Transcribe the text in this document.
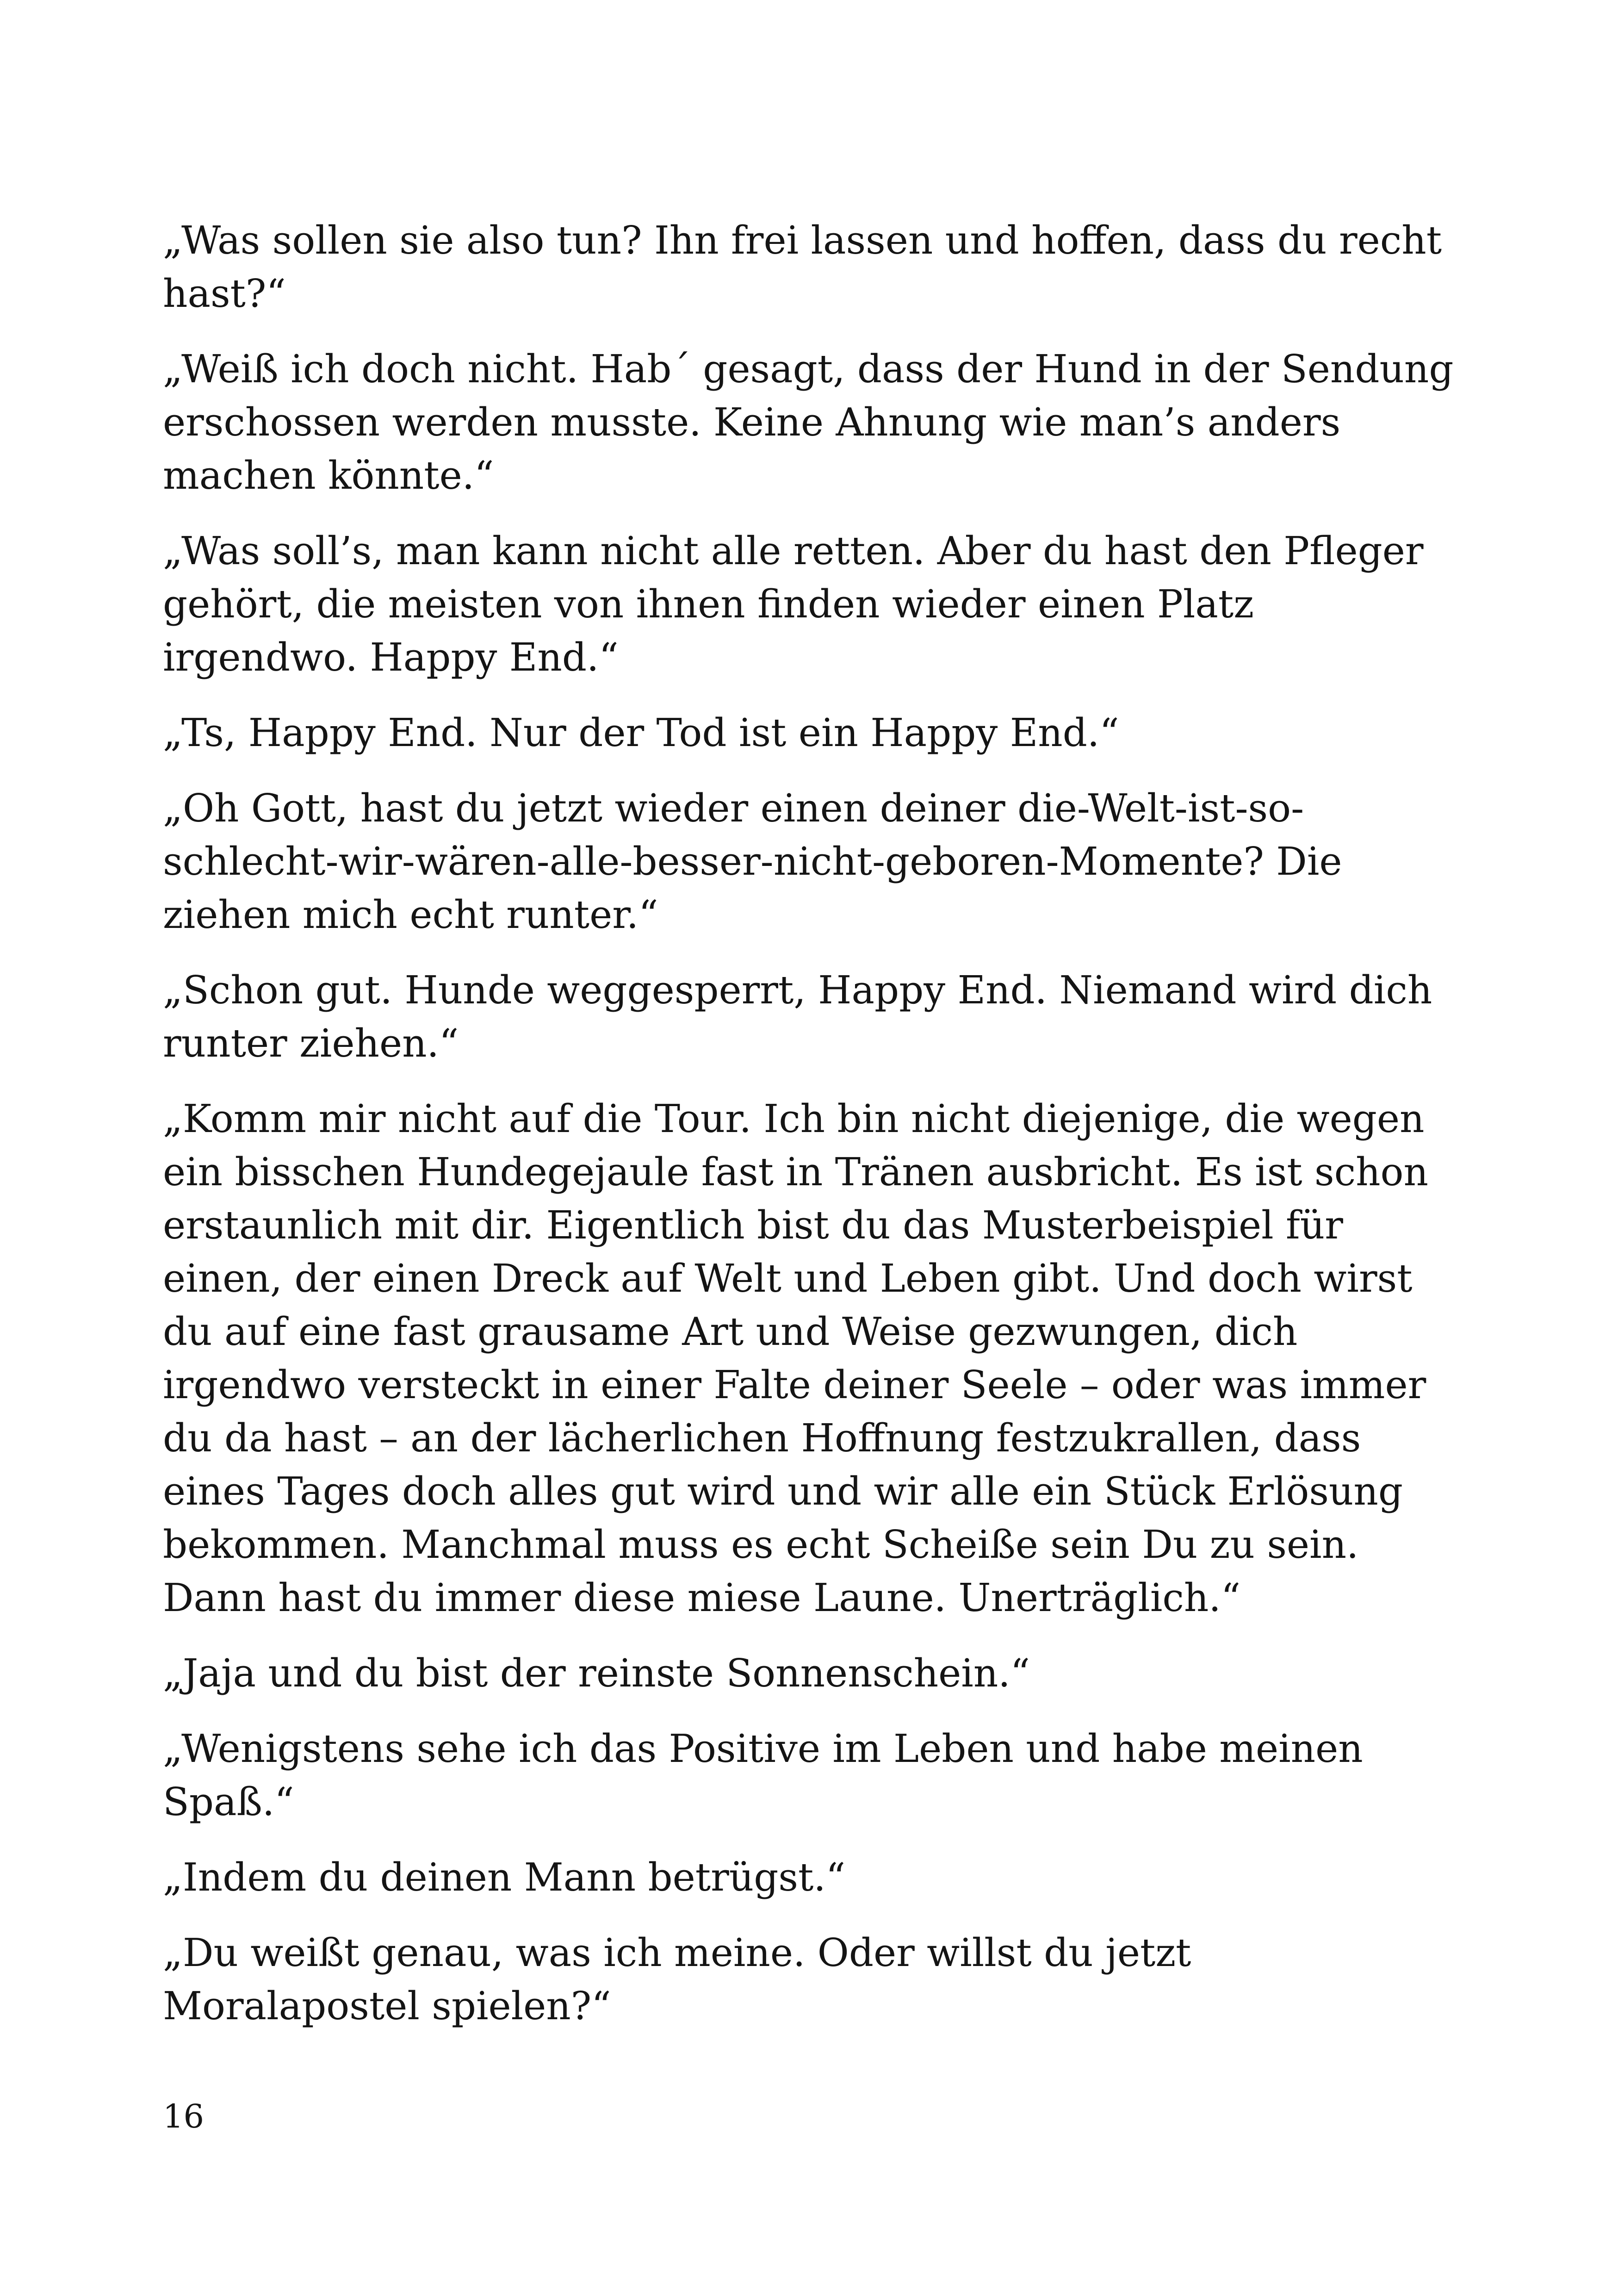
„Was sollen sie also tun? Ihn frei lassen und hoffen, dass du recht hast?“

„Weiß ich doch nicht. Hab´ gesagt, dass der Hund in der Sendung erschossen werden musste. Keine Ahnung wie man’s anders machen könnte.“

„Was soll’s, man kann nicht alle retten. Aber du hast den Pfleger gehört, die meisten von ihnen finden wieder einen Platz irgendwo. Happy End.“

„Ts, Happy End. Nur der Tod ist ein Happy End.“

„Oh Gott, hast du jetzt wieder einen deiner die-Welt-ist-so-schlecht-wir-wären-alle-besser-nicht-geboren-Momente? Die ziehen mich echt runter.“

„Schon gut. Hunde weggesperrt, Happy End. Niemand wird dich runter ziehen.“

„Komm mir nicht auf die Tour. Ich bin nicht diejenige, die wegen ein bisschen Hundegejaule fast in Tränen ausbricht. Es ist schon erstaunlich mit dir. Eigentlich bist du das Musterbeispiel für einen, der einen Dreck auf Welt und Leben gibt. Und doch wirst du auf eine fast grausame Art und Weise gezwungen, dich irgendwo versteckt in einer Falte deiner Seele – oder was immer du da hast – an der lächerlichen Hoffnung festzukrallen, dass eines Tages doch alles gut wird und wir alle ein Stück Erlösung bekommen. Manchmal muss es echt Scheiße sein Du zu sein. Dann hast du immer diese miese Laune. Unerträglich.“

„Jaja und du bist der reinste Sonnenschein.“

„Wenigstens sehe ich das Positive im Leben und habe meinen Spaß.“

„Indem du deinen Mann betrügst.“

„Du weißt genau, was ich meine. Oder willst du jetzt Moralapostel spielen?“

16
